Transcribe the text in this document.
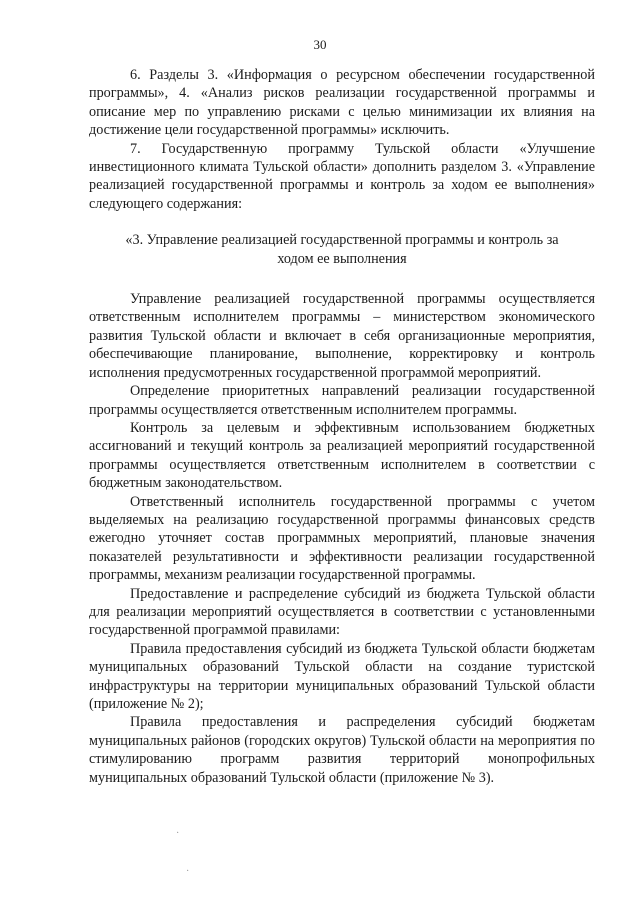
30

6. Разделы 3. «Информация о ресурсном обеспечении государственной программы», 4. «Анализ рисков реализации государственной программы и описание мер по управлению рисками с целью минимизации их влияния на достижение цели государственной программы» исключить.

7. Государственную программу Тульской области «Улучшение инвестиционного климата Тульской области» дополнить разделом 3. «Управление реализацией государственной программы и контроль за ходом ее выполнения» следующего содержания:

«3. Управление реализацией государственной программы и контроль за ходом ее выполнения

Управление реализацией государственной программы осуществляется ответственным исполнителем программы – министерством экономического развития Тульской области и включает в себя организационные мероприятия, обеспечивающие планирование, выполнение, корректировку и контроль исполнения предусмотренных государственной программой мероприятий.

Определение приоритетных направлений реализации государственной программы осуществляется ответственным исполнителем программы.

Контроль за целевым и эффективным использованием бюджетных ассигнований и текущий контроль за реализацией мероприятий государственной программы осуществляется ответственным исполнителем в соответствии с бюджетным законодательством.

Ответственный исполнитель государственной программы с учетом выделяемых на реализацию государственной программы финансовых средств ежегодно уточняет состав программных мероприятий, плановые значения показателей результативности и эффективности реализации государственной программы, механизм реализации государственной программы.

Предоставление и распределение субсидий из бюджета Тульской области для реализации мероприятий осуществляется в соответствии с установленными государственной программой правилами:

Правила предоставления субсидий из бюджета Тульской области бюджетам муниципальных образований Тульской области на создание туристской инфраструктуры на территории муниципальных образований Тульской области (приложение № 2);

Правила предоставления и распределения субсидий бюджетам муниципальных районов (городских округов) Тульской области на мероприятия по стимулированию программ развития территорий монопрофильных муниципальных образований Тульской области (приложение № 3).

·
·
